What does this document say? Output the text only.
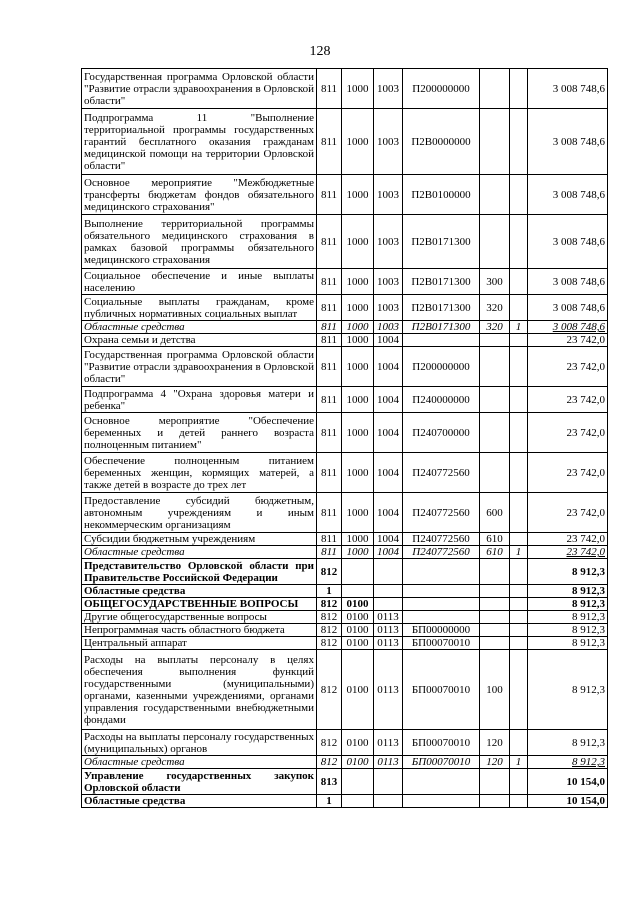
128
Государственная программа Орловской области "Развитие отрасли здравоохранения в Орловской области"	811	1000	1003	П200000000			3 008 748,6
Подпрограмма 11 "Выполнение территориальной программы государственных гарантий бесплатного оказания гражданам медицинской помощи на территории Орловской области"	811	1000	1003	П2В0000000			3 008 748,6
Основное мероприятие "Межбюджетные трансферты бюджетам фондов обязательного медицинского страхования"	811	1000	1003	П2В0100000			3 008 748,6
Выполнение территориальной программы обязательного медицинского страхования в рамках базовой программы обязательного медицинского страхования	811	1000	1003	П2В0171300			3 008 748,6
Социальное обеспечение и иные выплаты населению	811	1000	1003	П2В0171300	300		3 008 748,6
Социальные выплаты гражданам, кроме публичных нормативных социальных выплат	811	1000	1003	П2В0171300	320		3 008 748,6
Областные средства	811	1000	1003	П2В0171300	320	1	3 008 748,6
Охрана семьи и детства	811	1000	1004				23 742,0
Государственная программа Орловской области "Развитие отрасли здравоохранения в Орловской области"	811	1000	1004	П200000000			23 742,0
Подпрограмма 4 "Охрана здоровья матери и ребенка"	811	1000	1004	П240000000			23 742,0
Основное мероприятие "Обеспечение беременных и детей раннего возраста полноценным питанием"	811	1000	1004	П240700000			23 742,0
Обеспечение полноценным питанием беременных женщин, кормящих матерей, а также детей в возрасте до трех лет	811	1000	1004	П240772560			23 742,0
Предоставление субсидий бюджетным, автономным учреждениям и иным некоммерческим организациям	811	1000	1004	П240772560	600		23 742,0
Субсидии бюджетным учреждениям	811	1000	1004	П240772560	610		23 742,0
Областные средства	811	1000	1004	П240772560	610	1	23 742,0
Представительство Орловской области при Правительстве Российской Федерации	812						8 912,3
Областные средства	1						8 912,3
ОБЩЕГОСУДАРСТВЕННЫЕ ВОПРОСЫ	812	0100					8 912,3
Другие общегосударственные вопросы	812	0100	0113				8 912,3
Непрограммная часть областного бюджета	812	0100	0113	БП00000000			8 912,3
Центральный аппарат	812	0100	0113	БП00070010			8 912,3
Расходы на выплаты персоналу в целях обеспечения выполнения функций государственными (муниципальными) органами, казенными учреждениями, органами управления государственными внебюджетными фондами	812	0100	0113	БП00070010	100		8 912,3
Расходы на выплаты персоналу государственных (муниципальных) органов	812	0100	0113	БП00070010	120		8 912,3
Областные средства	812	0100	0113	БП00070010	120	1	8 912,3
Управление государственных закупок Орловской области	813						10 154,0
Областные средства	1						10 154,0
